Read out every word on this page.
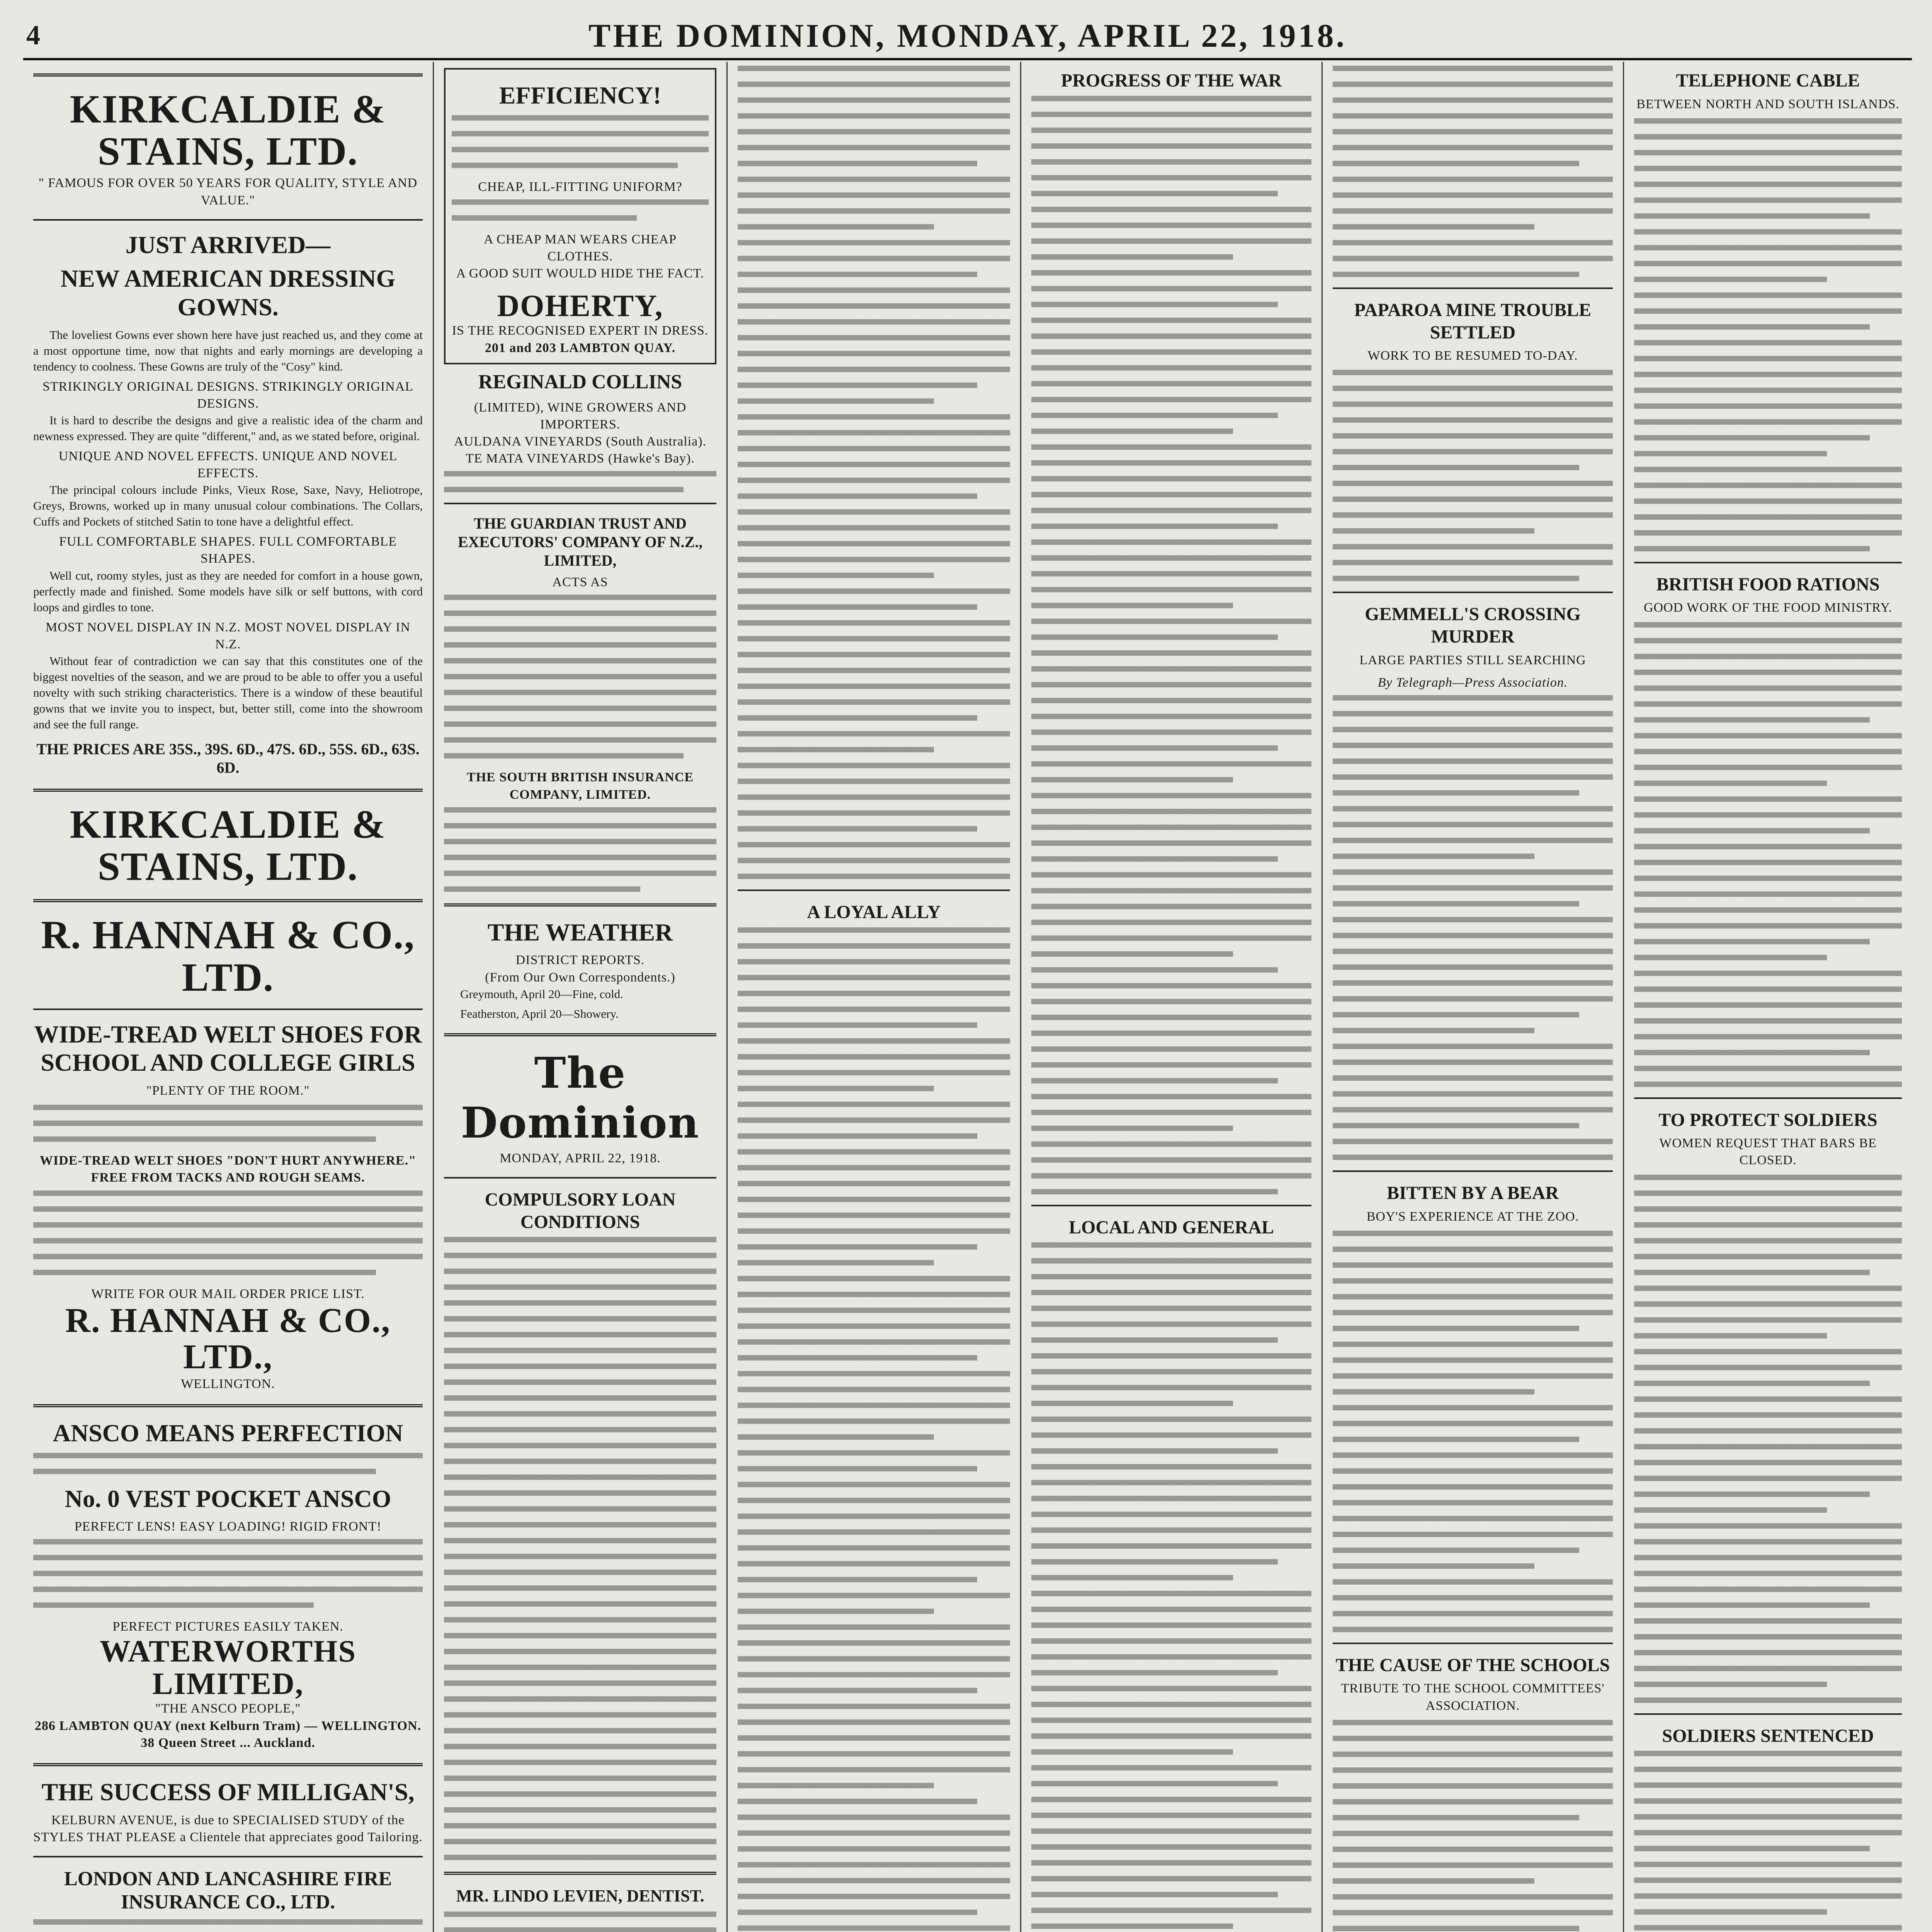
4	THE DOMINION, MONDAY, APRIL 22, 1918.
KIRKCALDIE & STAINS, LTD.
" FAMOUS FOR OVER 50 YEARS FOR QUALITY, STYLE AND VALUE."
JUST ARRIVED—
NEW AMERICAN DRESSING GOWNS.

The loveliest Gowns ever shown here have just reached us, and they come at a most opportune time, now that nights and early mornings are developing a tendency to coolness. These Gowns are truly of the "Cosy" kind.

STRIKINGLY ORIGINAL DESIGNS. STRIKINGLY ORIGINAL DESIGNS.

It is hard to describe the designs and give a realistic idea of the charm and newness expressed. They are quite "different," and, as we stated before, original.

UNIQUE AND NOVEL EFFECTS. UNIQUE AND NOVEL EFFECTS.

The principal colours include Pinks, Vieux Rose, Saxe, Navy, Heliotrope, Greys, Browns, worked up in many unusual colour combinations. The Collars, Cuffs and Pockets of stitched Satin to tone have a delightful effect.

FULL COMFORTABLE SHAPES. FULL COMFORTABLE SHAPES.

Well cut, roomy styles, just as they are needed for comfort in a house gown, perfectly made and finished. Some models have silk or self buttons, with cord loops and girdles to tone.

MOST NOVEL DISPLAY IN N.Z. MOST NOVEL DISPLAY IN N.Z.

Without fear of contradiction we can say that this constitutes one of the biggest novelties of the season, and we are proud to be able to offer you a useful novelty with such striking characteristics. There is a window of these beautiful gowns that we invite you to inspect, but, better still, come into the showroom and see the full range.

THE PRICES ARE 35S., 39S. 6D., 47S. 6D., 55S. 6D., 63S. 6D.
KIRKCALDIE & STAINS, LTD.
R. HANNAH & CO., LTD.
WIDE-TREAD WELT SHOES FOR SCHOOL AND COLLEGE GIRLS
"PLENTY OF THE ROOM."
WIDE-TREAD WELT SHOES "DON'T HURT ANYWHERE." FREE FROM TACKS AND ROUGH SEAMS.
WRITE FOR OUR MAIL ORDER PRICE LIST.
R. HANNAH & CO., LTD.,
WELLINGTON.
ANSCO MEANS PERFECTION
No. 0 VEST POCKET ANSCO
PERFECT LENS! EASY LOADING! RIGID FRONT!
PERFECT PICTURES EASILY TAKEN.
WATERWORTHS LIMITED,
"THE ANSCO PEOPLE,"
286 LAMBTON QUAY (next Kelburn Tram) — WELLINGTON. 38 Queen Street ... Auckland.
THE SUCCESS OF MILLIGAN'S,
KELBURN AVENUE, is due to SPECIALISED STUDY of the STYLES THAT PLEASE a Clientele that appreciates good Tailoring.
LONDON AND LANCASHIRE FIRE INSURANCE CO., LTD.
EFFICIENCY!
CHEAP, ILL-FITTING UNIFORM?
A CHEAP MAN WEARS CHEAP CLOTHES.
A GOOD SUIT WOULD HIDE THE FACT.
DOHERTY,
IS THE RECOGNISED EXPERT IN DRESS.
201 and 203 LAMBTON QUAY.
REGINALD COLLINS
(LIMITED), WINE GROWERS AND IMPORTERS.
AULDANA VINEYARDS (South Australia).
TE MATA VINEYARDS (Hawke's Bay).
THE GUARDIAN TRUST AND EXECUTORS' COMPANY OF N.Z., LIMITED,
ACTS AS
THE SOUTH BRITISH INSURANCE COMPANY, LIMITED.
THE WEATHER
DISTRICT REPORTS.
(From Our Own Correspondents.)

Greymouth, April 20—Fine, cold.

Featherston, April 20—Showery.

The Dominion
MONDAY, APRIL 22, 1918.
COMPULSORY LOAN CONDITIONS
MR. LINDO LEVIEN, DENTIST.
A LOYAL ALLY
PROGRESS OF THE WAR
LOCAL AND GENERAL
PAPAROA MINE TROUBLE SETTLED
WORK TO BE RESUMED TO-DAY.
GEMMELL'S CROSSING MURDER
LARGE PARTIES STILL SEARCHING
By Telegraph—Press Association.
BITTEN BY A BEAR
BOY'S EXPERIENCE AT THE ZOO.
THE CAUSE OF THE SCHOOLS
TRIBUTE TO THE SCHOOL COMMITTEES' ASSOCIATION.
TELEPHONE CABLE
BETWEEN NORTH AND SOUTH ISLANDS.
BRITISH FOOD RATIONS
GOOD WORK OF THE FOOD MINISTRY.
TO PROTECT SOLDIERS
WOMEN REQUEST THAT BARS BE CLOSED.
SOLDIERS SENTENCED
